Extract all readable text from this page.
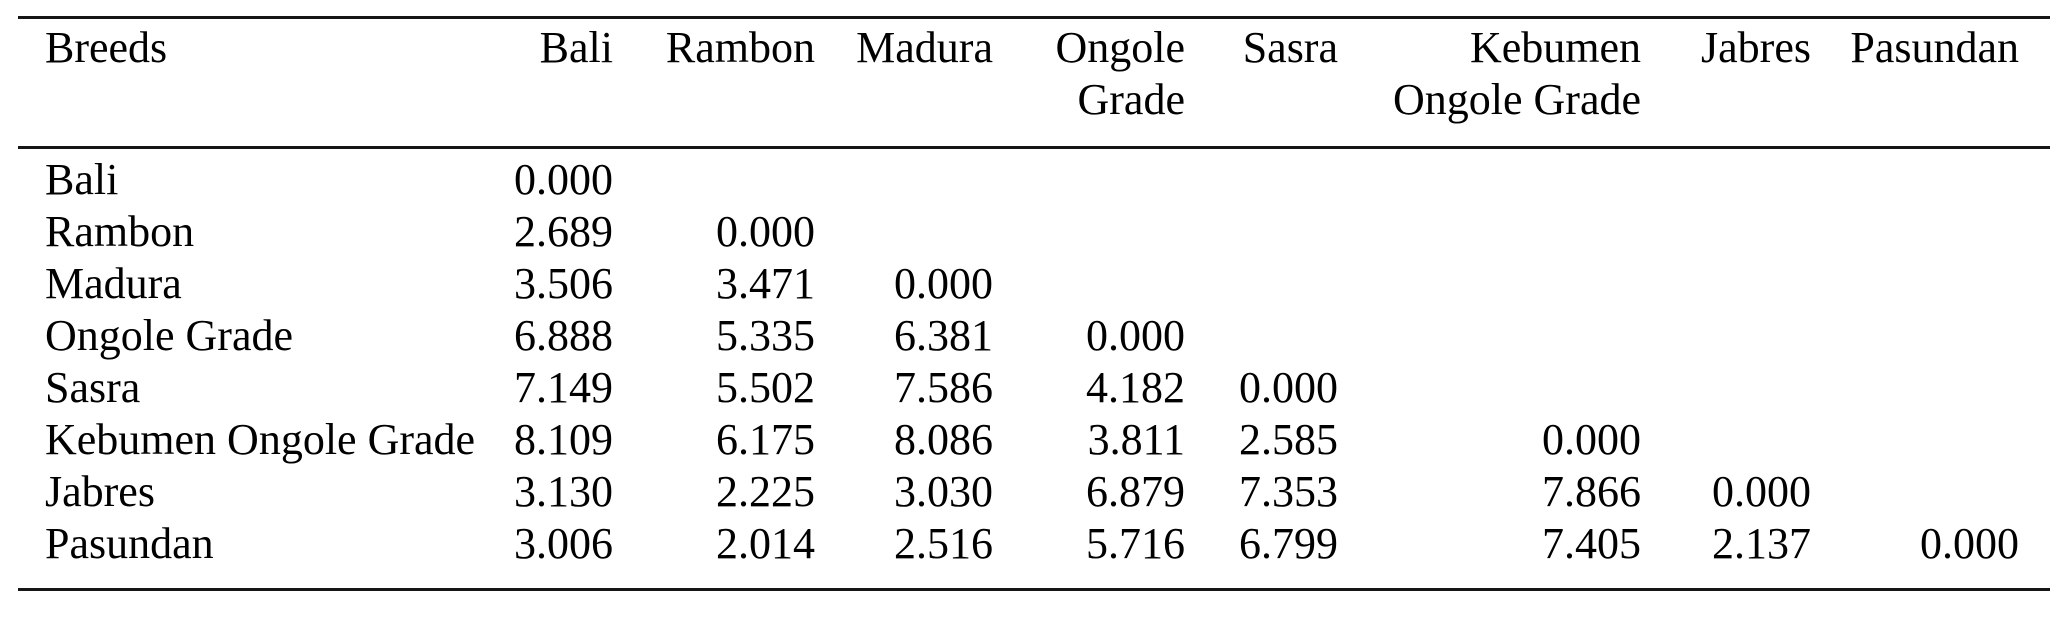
Breeds	Bali	Rambon	Madura	Ongole Grade	Sasra	Kebumen Ongole Grade	Jabres	Pasundan
Bali	0.000							
Rambon	2.689	0.000						
Madura	3.506	3.471	0.000					
Ongole Grade	6.888	5.335	6.381	0.000				
Sasra	7.149	5.502	7.586	4.182	0.000			
Kebumen Ongole Grade	8.109	6.175	8.086	3.811	2.585	0.000		
Jabres	3.130	2.225	3.030	6.879	7.353	7.866	0.000	
Pasundan	3.006	2.014	2.516	5.716	6.799	7.405	2.137	0.000
